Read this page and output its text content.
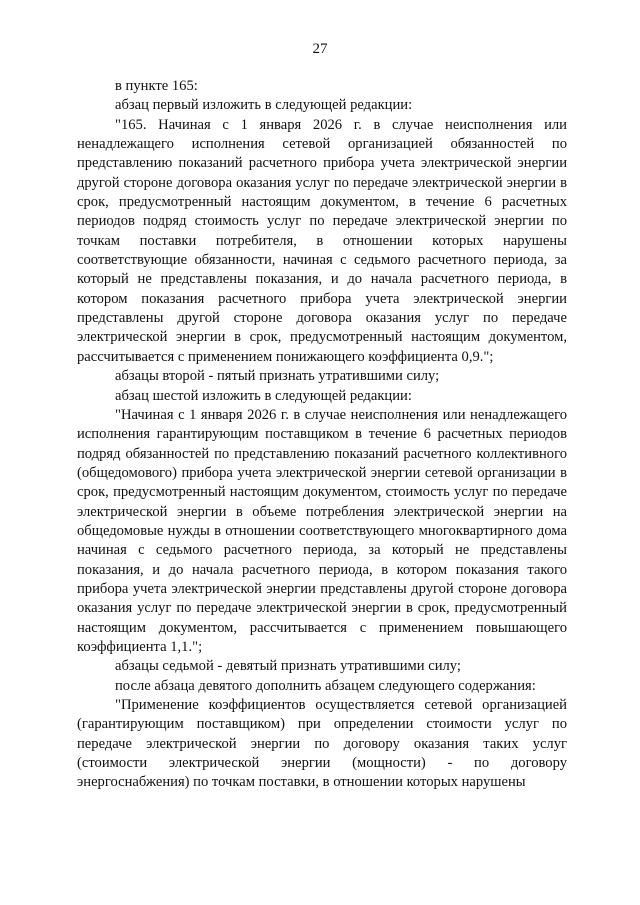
27

в пункте 165:

абзац первый изложить в следующей редакции:

"165. Начиная с 1 января 2026 г. в случае неисполнения или ненадлежащего исполнения сетевой организацией обязанностей по представлению показаний расчетного прибора учета электрической энергии другой стороне договора оказания услуг по передаче электрической энергии в срок, предусмотренный настоящим документом, в течение 6 расчетных периодов подряд стоимость услуг по передаче электрической энергии по точкам поставки потребителя, в отношении которых нарушены соответствующие обязанности, начиная с седьмого расчетного периода, за который не представлены показания, и до начала расчетного периода, в котором показания расчетного прибора учета электрической энергии представлены другой стороне договора оказания услуг по передаче электрической энергии в срок, предусмотренный настоящим документом, рассчитывается с применением понижающего коэффициента 0,9.";

абзацы второй - пятый признать утратившими силу;

абзац шестой изложить в следующей редакции:

"Начиная с 1 января 2026 г. в случае неисполнения или ненадлежащего исполнения гарантирующим поставщиком в течение 6 расчетных периодов подряд обязанностей по представлению показаний расчетного коллективного (общедомового) прибора учета электрической энергии сетевой организации в срок, предусмотренный настоящим документом, стоимость услуг по передаче электрической энергии в объеме потребления электрической энергии на общедомовые нужды в отношении соответствующего многоквартирного дома начиная с седьмого расчетного периода, за который не представлены показания, и до начала расчетного периода, в котором показания такого прибора учета электрической энергии представлены другой стороне договора оказания услуг по передаче электрической энергии в срок, предусмотренный настоящим документом, рассчитывается с применением повышающего коэффициента 1,1.";

абзацы седьмой - девятый признать утратившими силу;

после абзаца девятого дополнить абзацем следующего содержания:

"Применение коэффициентов осуществляется сетевой организацией (гарантирующим поставщиком) при определении стоимости услуг по передаче электрической энергии по договору оказания таких услуг (стоимости электрической энергии (мощности) - по договору энергоснабжения) по точкам поставки, в отношении которых нарушены
